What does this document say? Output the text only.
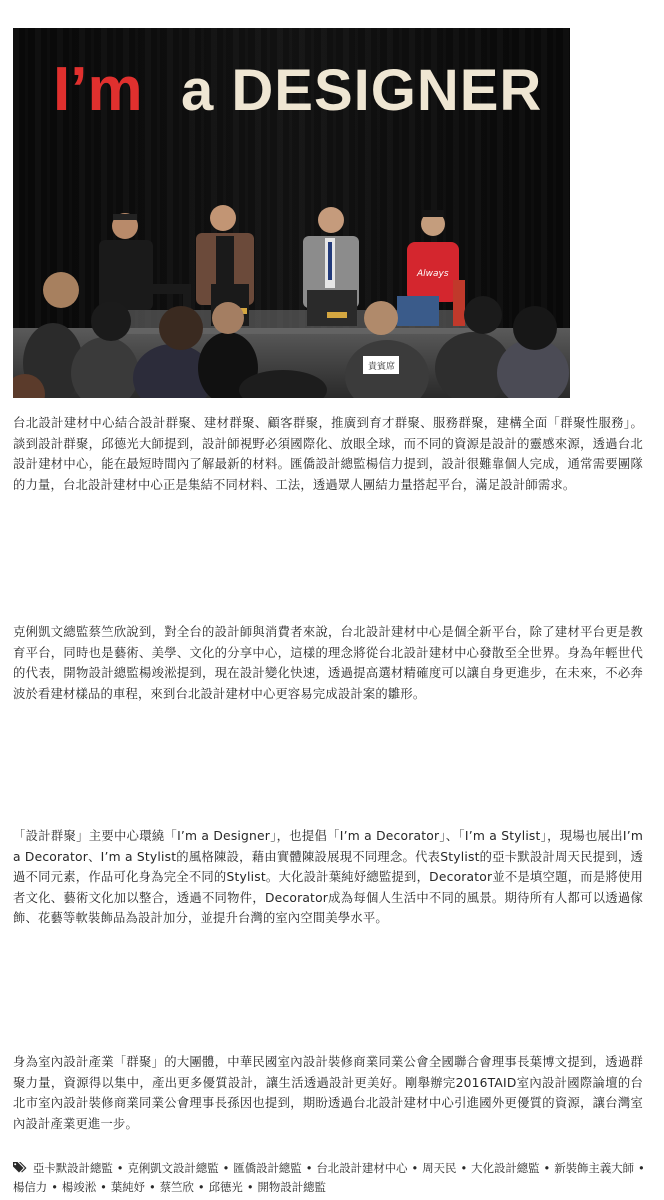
I’m a DESIGNER
Always
貴賓席

台北設計建材中心結合設計群聚、建材群聚、顧客群聚，推廣到育才群聚、服務群聚，建構全面「群聚性服務」。談到設計群聚，邱德光大師提到，設計師視野必須國際化、放眼全球，而不同的資源是設計的靈感來源，透過台北設計建材中心，能在最短時間內了解最新的材料。匯僑設計總監楊信力提到，設計很難靠個人完成，通常需要團隊的力量，台北設計建材中心正是集結不同材料、工法，透過眾人團結力量搭起平台，滿足設計師需求。

克俐凱文總監蔡竺欣說到，對全台的設計師與消費者來說，台北設計建材中心是個全新平台，除了建材平台更是教育平台，同時也是藝術、美學、文化的分享中心，這樣的理念將從台北設計建材中心發散至全世界。身為年輕世代的代表，開物設計總監楊竣淞提到，現在設計變化快速，透過提高選材精確度可以讓自身更進步，在未來，不必奔波於看建材樣品的車程，來到台北設計建材中心更容易完成設計案的雛形。

「設計群聚」主要中心環繞「I’m a Designer」，也提倡「I’m a Decorator」、「I’m a Stylist」，現場也展出I’m a Decorator、I’m a Stylist的風格陳設，藉由實體陳設展現不同理念。代表Stylist的亞卡默設計周天民提到，透過不同元素，作品可化身為完全不同的Stylist。大化設計葉純妤總監提到，Decorator並不是填空題，而是將使用者文化、藝術文化加以整合，透過不同物件，Decorator成為每個人生活中不同的風景。期待所有人都可以透過傢飾、花藝等軟裝飾品為設計加分，並提升台灣的室內空間美學水平。

身為室內設計產業「群聚」的大團體，中華民國室內設計裝修商業同業公會全國聯合會理事長葉博文提到，透過群聚力量，資源得以集中，產出更多優質設計，讓生活透過設計更美好。剛舉辦完2016TAID室內設計國際論壇的台北市室內設計裝修商業同業公會理事長孫因也提到，期盼透過台北設計建材中心引進國外更優質的資源，讓台灣室內設計產業更進一步。

亞卡默設計總監 • 克俐凱文設計總監 • 匯僑設計總監 • 台北設計建材中心 • 周天民 • 大化設計總監 • 新裝飾主義大師 •楊信力 • 楊竣淞 • 葉純妤 • 蔡竺欣 • 邱德光 • 開物設計總監
